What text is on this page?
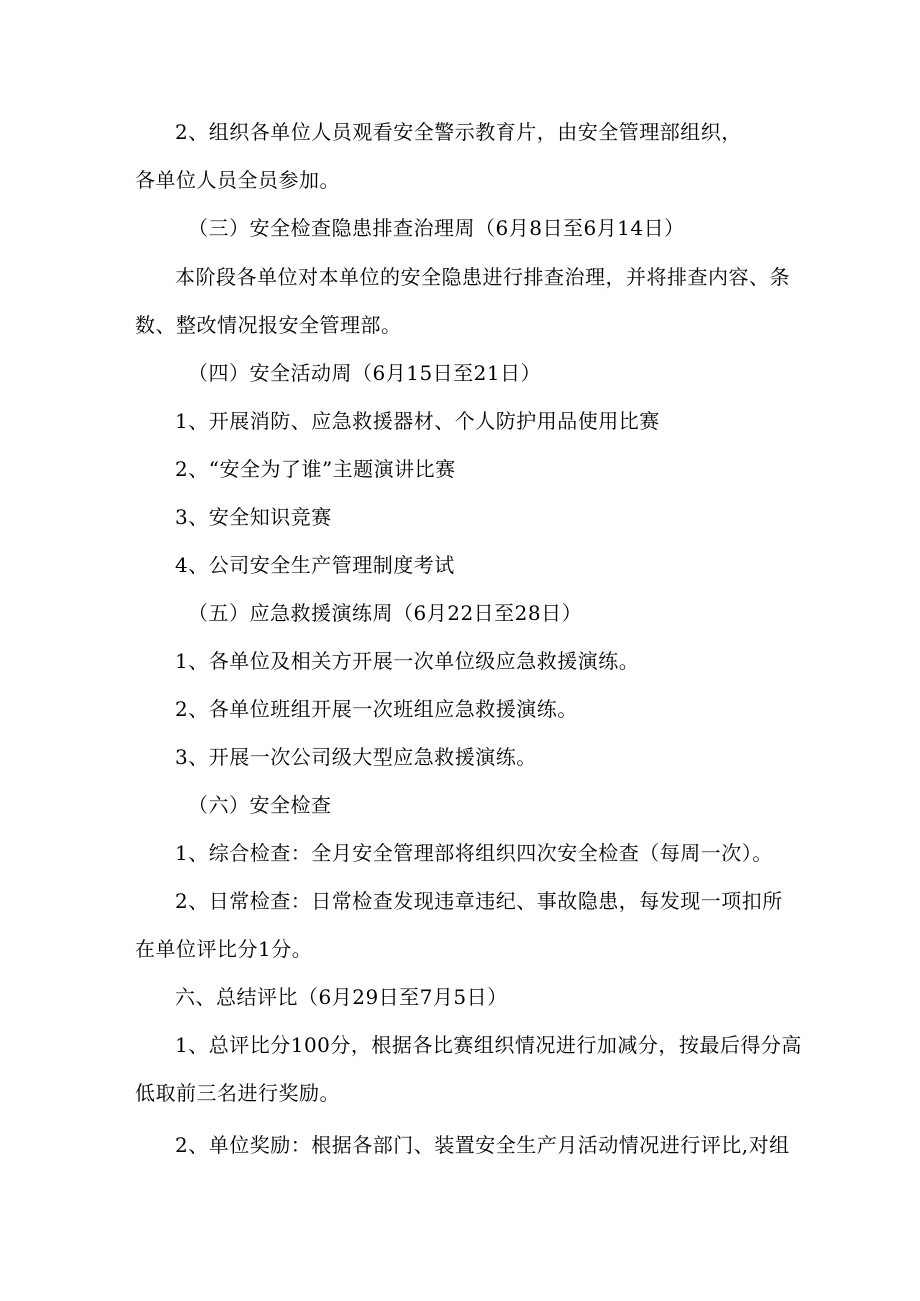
2、组织各单位人员观看安全警示教育片，由安全管理部组织，

各单位人员全员参加。

（三）安全检查隐患排查治理周（6月8日至6月14日）

本阶段各单位对本单位的安全隐患进行排查治理，并将排查内容、条

数、整改情况报安全管理部。

（四）安全活动周（6月15日至21日）

1、开展消防、应急救援器材、个人防护用品使用比赛

2、“安全为了谁”主题演讲比赛

3、安全知识竞赛

4、公司安全生产管理制度考试

（五）应急救援演练周（6月22日至28日）

1、各单位及相关方开展一次单位级应急救援演练。

2、各单位班组开展一次班组应急救援演练。

3、开展一次公司级大型应急救援演练。

（六）安全检查

1、综合检查：全月安全管理部将组织四次安全检查（每周一次）。

2、日常检查：日常检查发现违章违纪、事故隐患，每发现一项扣所

在单位评比分1分。

六、总结评比（6月29日至7月5日）

1、总评比分100分，根据各比赛组织情况进行加减分，按最后得分高

低取前三名进行奖励。

2、单位奖励：根据各部门、装置安全生产月活动情况进行评比,对组
